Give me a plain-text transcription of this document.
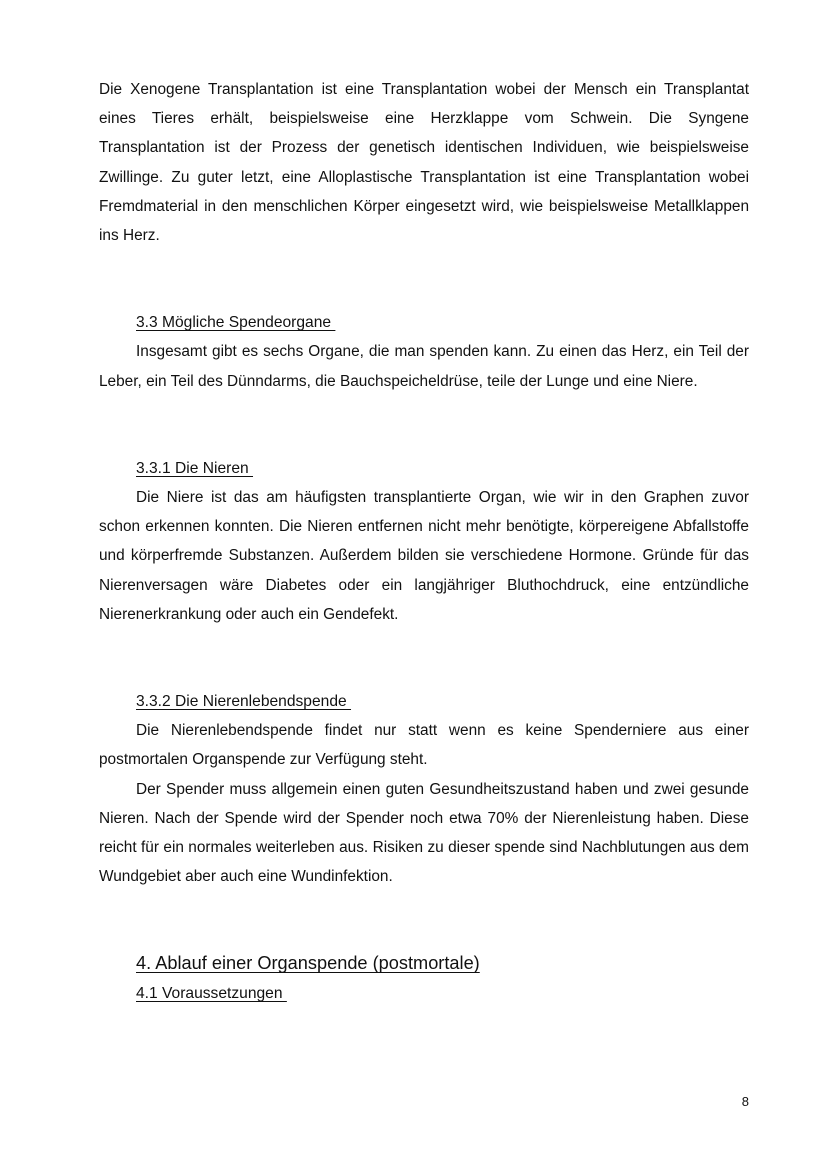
Die Xenogene Transplantation ist eine Transplantation wobei der Mensch ein Transplantat eines Tieres erhält, beispielsweise eine Herzklappe vom Schwein. Die Syngene Transplantation ist der Prozess der genetisch identischen Individuen, wie beispielsweise Zwillinge. Zu guter letzt, eine Alloplastische Transplantation ist eine Transplantation wobei Fremdmaterial in den menschlichen Körper eingesetzt wird, wie beispielsweise Metallklappen ins Herz.

3.3 Mögliche Spendeorgane

Insgesamt gibt es sechs Organe, die man spenden kann. Zu einen das Herz, ein Teil der Leber, ein Teil des Dünndarms, die Bauchspeicheldrüse, teile der Lunge und eine Niere.

3.3.1 Die Nieren

Die Niere ist das am häufigsten transplantierte Organ, wie wir in den Graphen zuvor schon erkennen konnten. Die Nieren entfernen nicht mehr benötigte, körpereigene Abfallstoffe und körperfremde Substanzen. Außerdem bilden sie verschiedene Hormone. Gründe für das Nierenversagen wäre Diabetes oder ein langjähriger Bluthochdruck, eine entzündliche Nierenerkrankung oder auch ein Gendefekt.

3.3.2 Die Nierenlebendspende

Die Nierenlebendspende findet nur statt wenn es keine Spenderniere aus einer postmortalen Organspende zur Verfügung steht.

Der Spender muss allgemein einen guten Gesundheitszustand haben und zwei gesunde Nieren. Nach der Spende wird der Spender noch etwa 70% der Nierenleistung haben. Diese reicht für ein normales weiterleben aus. Risiken zu dieser spende sind Nachblutungen aus dem Wundgebiet aber auch eine Wundinfektion.

4. Ablauf einer Organspende (postmortale)
4.1 Voraussetzungen
8
